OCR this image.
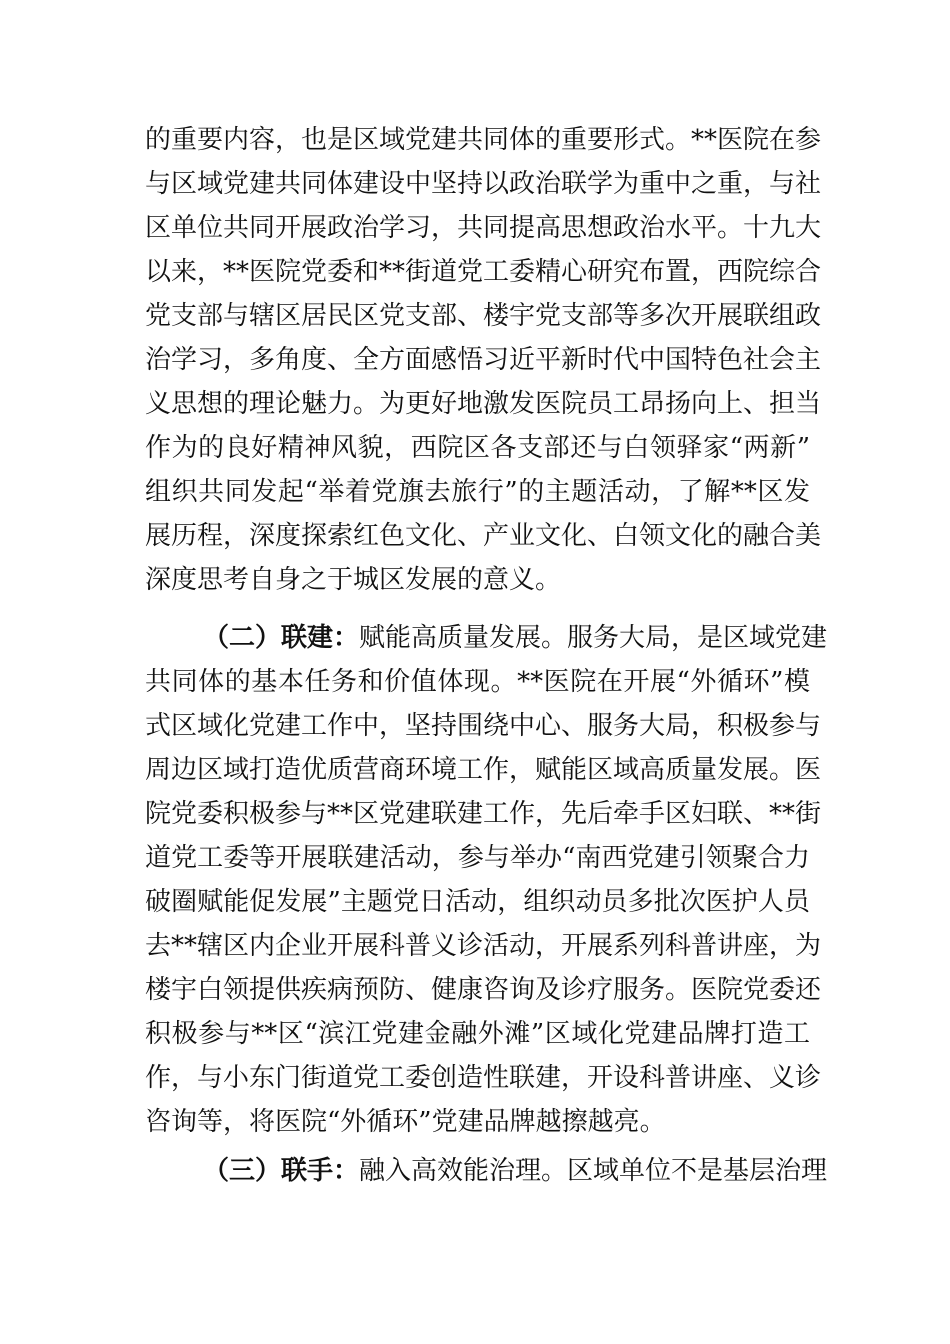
的重要内容，也是区域党建共同体的重要形式。**医院在参
与区域党建共同体建设中坚持以政治联学为重中之重，与社
区单位共同开展政治学习，共同提高思想政治水平。十九大
以来，**医院党委和**街道党工委精心研究布置，西院综合
党支部与辖区居民区党支部、楼宇党支部等多次开展联组政
治学习，多角度、全方面感悟习近平新时代中国特色社会主
义思想的理论魅力。为更好地激发医院员工昂扬向上、担当
作为的良好精神风貌，西院区各支部还与白领驿家“两新”
组织共同发起“举着党旗去旅行”的主题活动，了解**区发
展历程，深度探索红色文化、产业文化、白领文化的融合美
深度思考自身之于城区发展的意义。
（二）联建：赋能高质量发展。服务大局，是区域党建
共同体的基本任务和价值体现。**医院在开展“外循环”模
式区域化党建工作中，坚持围绕中心、服务大局，积极参与
周边区域打造优质营商环境工作，赋能区域高质量发展。医
院党委积极参与**区党建联建工作，先后牵手区妇联、**街
道党工委等开展联建活动，参与举办“南西党建引领聚合力
破圈赋能促发展”主题党日活动，组织动员多批次医护人员
去**辖区内企业开展科普义诊活动，开展系列科普讲座，为
楼宇白领提供疾病预防、健康咨询及诊疗服务。医院党委还
积极参与**区“滨江党建金融外滩”区域化党建品牌打造工
作，与小东门街道党工委创造性联建，开设科普讲座、义诊
咨询等，将医院“外循环”党建品牌越擦越亮。
（三）联手：融入高效能治理。区域单位不是基层治理
